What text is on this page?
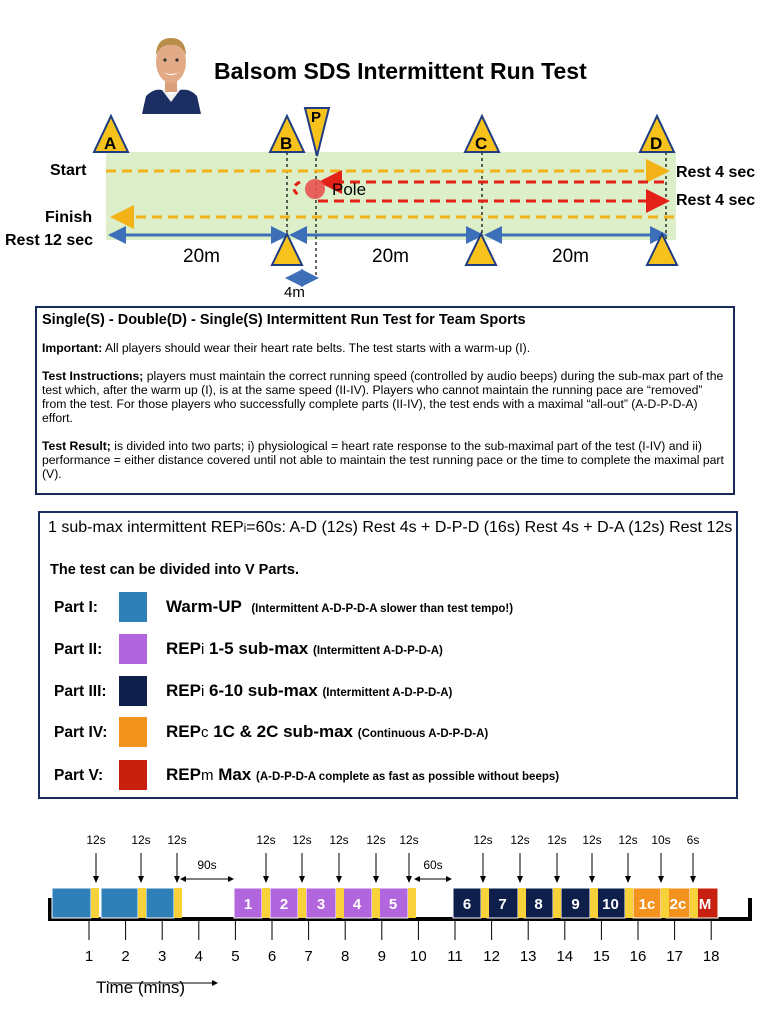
Balsom SDS Intermittent Run Test
A	B	C	D
P
Start
Finish
Rest 12 sec
Rest 4 sec
Rest 4 sec
Pole
20m	20m	20m
4m
Single(S) - Double(D) - Single(S) Intermittent Run Test for Team Sports

Important: All players should wear their heart rate belts. The test starts with a warm-up (I).

Test Instructions; players must maintain the correct running speed (controlled by audio beeps) during the sub-max part of the test which, after the warm up (I), is at the same speed (II-IV). Players who cannot maintain the running pace are “removed” from the test. For those players who successfully complete parts (II-IV), the test ends with a maximal “all-out” (A-D-P-D-A) effort.

Test Result; is divided into two parts; i) physiological = heart rate response to the sub-maximal part of the test (I-IV) and ii) performance = either distance covered until not able to maintain the test running pace or the time to complete the maximal part (V).

1 sub-max intermittent REPi=60s: A-D (12s) Rest 4s + D-P-D (16s) Rest 4s + D-A (12s) Rest 12s
The test can be divided into V Parts.
Part I:	Warm-UP (Intermittent A-D-P-D-A slower than test tempo!)
Part II:	REPi 1-5 sub-max (Intermittent A-D-P-D-A)
Part III:	REPi 6-10 sub-max (Intermittent A-D-P-D-A)
Part IV:	REPc 1C & 2C sub-max (Continuous A-D-P-D-A)
Part V:	REPm Max (A-D-P-D-A complete as fast as possible without beeps)
1 2 3 4 5	6 7 8 9 10 1c 2c M
12s 12s 12s	12s 12s 12s 12s 12s	12s 12s 12s 12s 12s 10s 6s
90s	60s
1 2 3 4 5 6 7 8 9 10 11 12 13 14 15 16 17 18
Time (mins)
